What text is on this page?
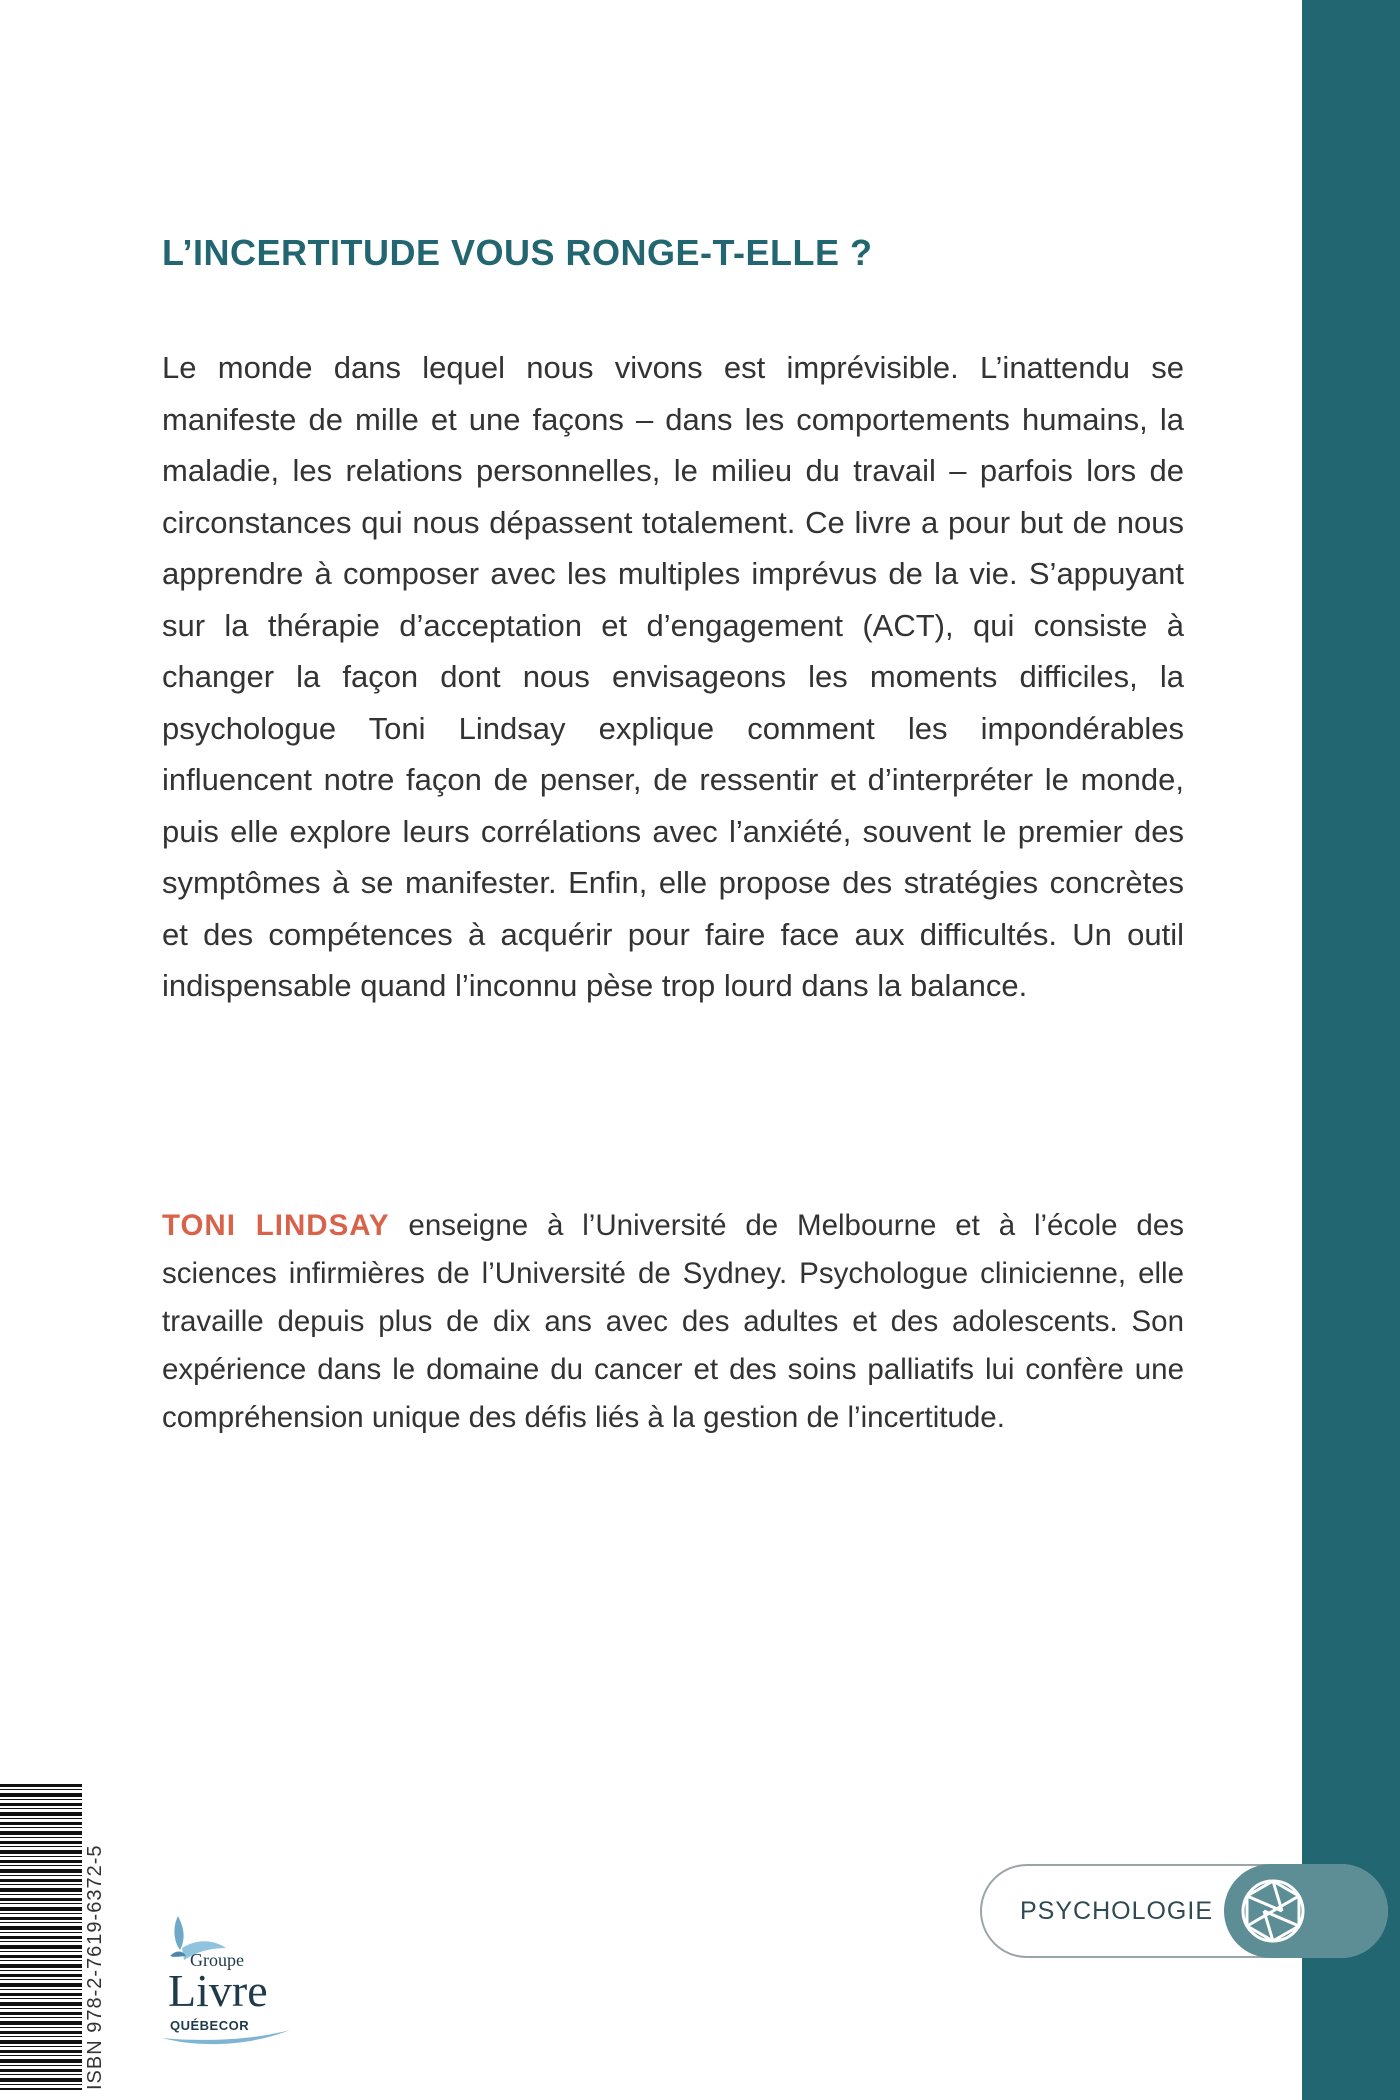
L’INCERTITUDE VOUS RONGE-T-ELLE ?

Le monde dans lequel nous vivons est imprévisible. L’inattendu se manifeste de mille et une façons – dans les comportements humains, la maladie, les relations personnelles, le milieu du travail – parfois lors de circonstances qui nous dépassent totalement. Ce livre a pour but de nous apprendre à composer avec les multiples imprévus de la vie. S’appuyant sur la thérapie d’acceptation et d’engagement (ACT), qui consiste à changer la façon dont nous envisageons les moments difficiles, la psychologue Toni Lindsay explique comment les impondérables influencent notre façon de penser, de ressentir et d’interpréter le monde, puis elle explore leurs corrélations avec l’anxiété, souvent le premier des symptômes à se manifester. Enfin, elle propose des stratégies concrètes et des compétences à acquérir pour faire face aux difficultés. Un outil indispensable quand l’inconnu pèse trop lourd dans la balance.

TONI LINDSAY enseigne à l’Université de Melbourne et à l’école des sciences infirmières de l’Université de Sydney. Psychologue clinicienne, elle travaille depuis plus de dix ans avec des adultes et des adolescents. Son expérience dans le domaine du cancer et des soins palliatifs lui confère une compréhension unique des défis liés à la gestion de l’incertitude.

ISBN 978-2-7619-6372-5	Groupe
Livre
QUÉBECOR
PSYCHOLOGIE
